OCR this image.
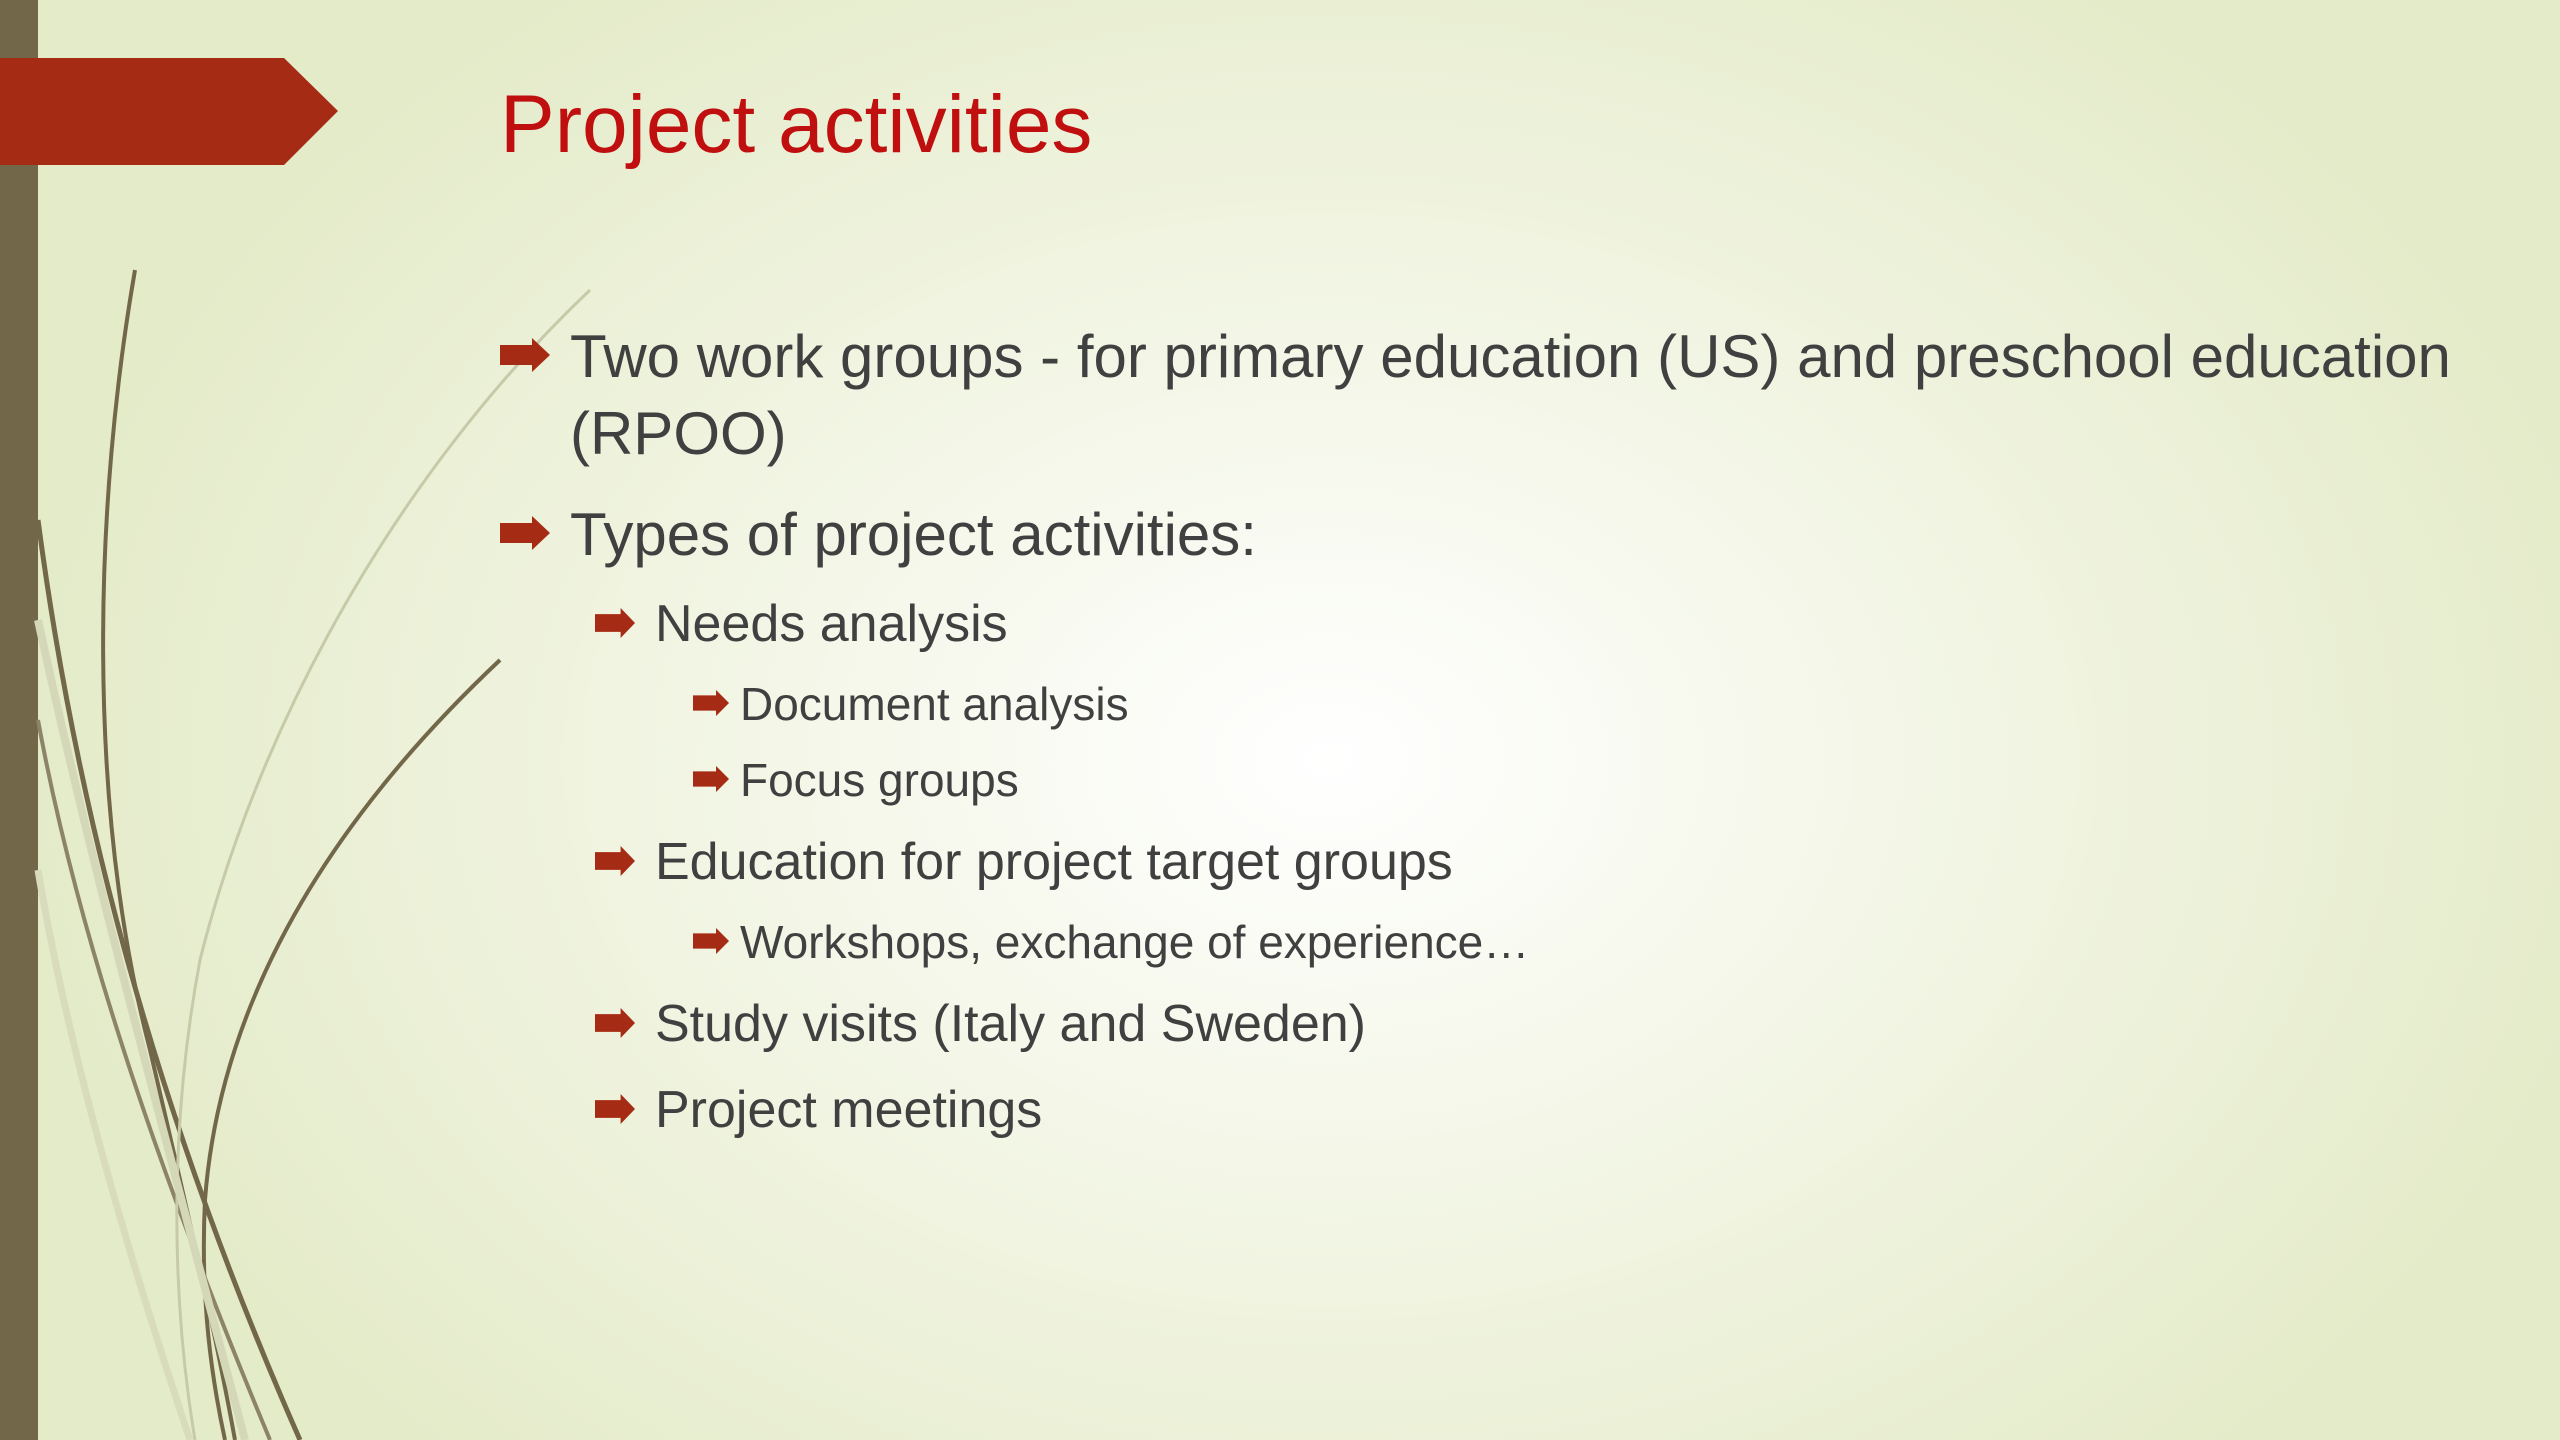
Project activities
Two work groups - for primary education (US) and preschool education (RPOO)
Types of project activities:
Needs analysis
Document analysis
Focus groups
Education for project target groups
Workshops, exchange of experience…
Study visits (Italy and Sweden)
Project meetings
